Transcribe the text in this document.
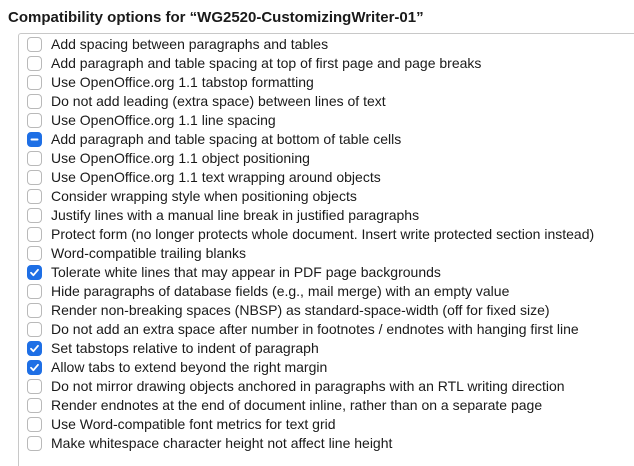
Compatibility options for “WG2520-CustomizingWriter-01”
Add spacing between paragraphs and tables
Add paragraph and table spacing at top of first page and page breaks
Use OpenOffice.org 1.1 tabstop formatting
Do not add leading (extra space) between lines of text
Use OpenOffice.org 1.1 line spacing
Add paragraph and table spacing at bottom of table cells
Use OpenOffice.org 1.1 object positioning
Use OpenOffice.org 1.1 text wrapping around objects
Consider wrapping style when positioning objects
Justify lines with a manual line break in justified paragraphs
Protect form (no longer protects whole document. Insert write protected section instead)
Word-compatible trailing blanks
Tolerate white lines that may appear in PDF page backgrounds
Hide paragraphs of database fields (e.g., mail merge) with an empty value
Render non-breaking spaces (NBSP) as standard-space-width (off for fixed size)
Do not add an extra space after number in footnotes / endnotes with hanging first line
Set tabstops relative to indent of paragraph
Allow tabs to extend beyond the right margin
Do not mirror drawing objects anchored in paragraphs with an RTL writing direction
Render endnotes at the end of document inline, rather than on a separate page
Use Word-compatible font metrics for text grid
Make whitespace character height not affect line height
